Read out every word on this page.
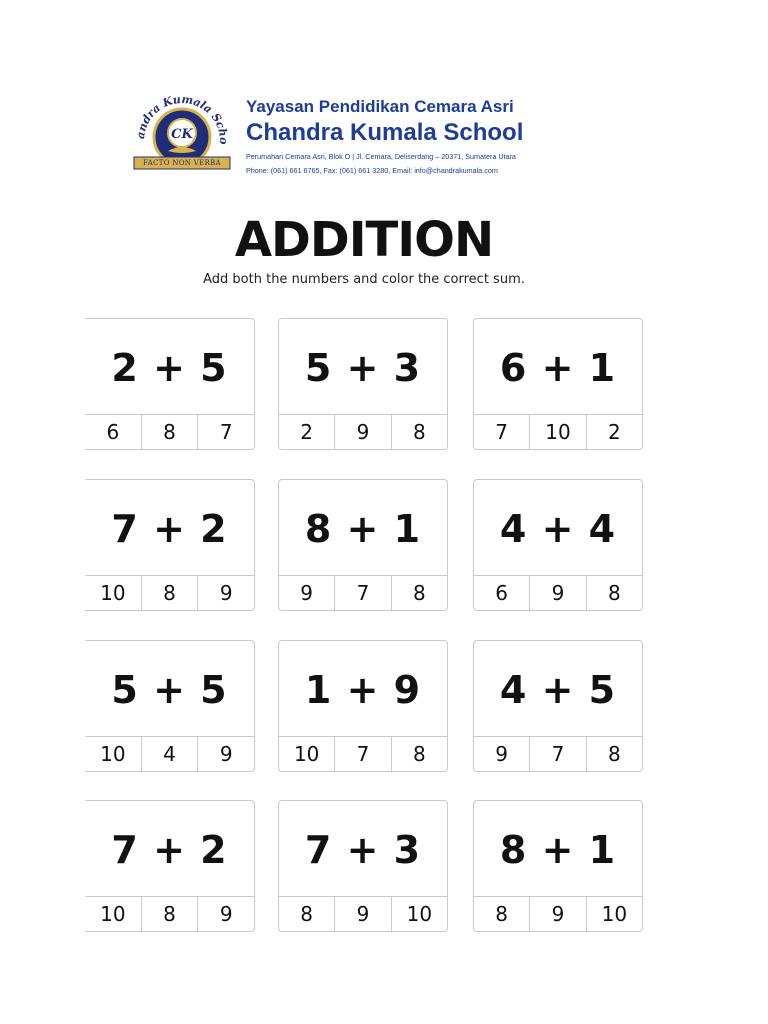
CK
andra Kumala Scho
FACTO NON VERBA
Yayasan Pendidikan Cemara Asri
Chandra Kumala School
Perumahan Cemara Asri, Blok O | Jl. Cemara, Deliserdang – 20371, Sumatera Utara
Phone: (061) 661 6765, Fax: (061) 661 3280, Email: info@chandrakumala.com
ADDITION
Add both the numbers and color the correct sum.
2 + 5
6	8	7
5 + 3
2	9	8
6 + 1
7	10	2
7 + 2
10	8	9
8 + 1
9	7	8
4 + 4
6	9	8
5 + 5
10	4	9
1 + 9
10	7	8
4 + 5
9	7	8
7 + 2
10	8	9
7 + 3
8	9	10
8 + 1
8	9	10
